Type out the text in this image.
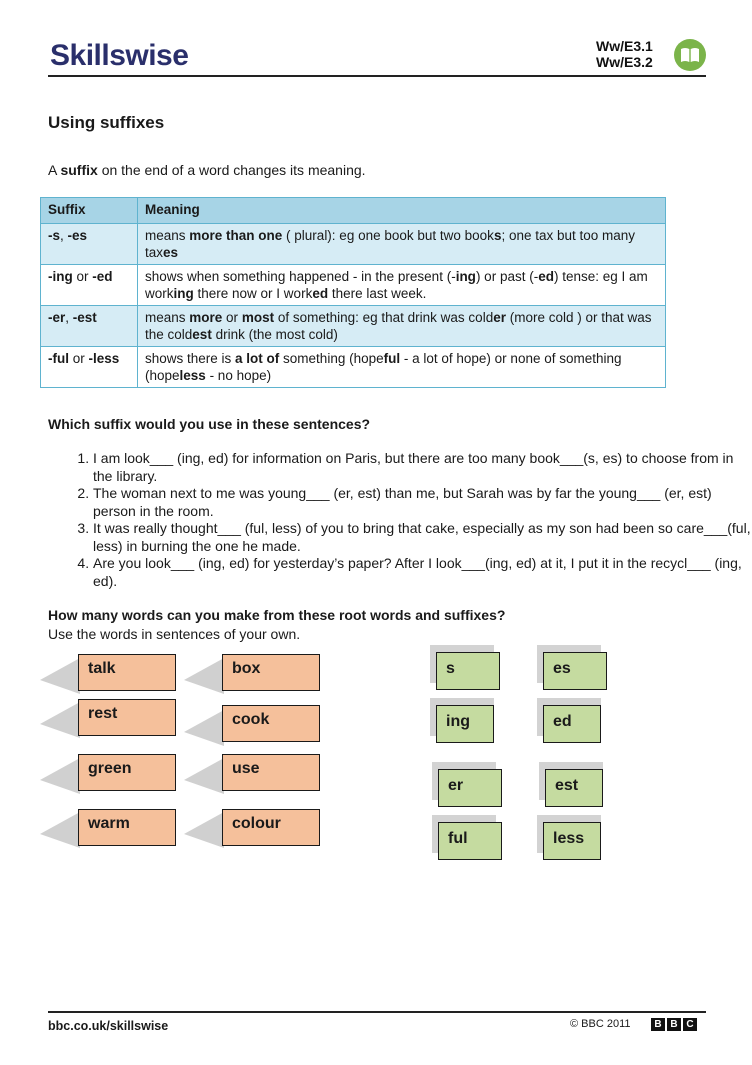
Skillswise	Ww/E3.1
Ww/E3.2
Using suffixes
A suffix on the end of a word changes its meaning.
Suffix	Meaning
-s, -es	means more than one ( plural): eg one book but two books; one tax but too many taxes
-ing or -ed	shows when something happened - in the present (-ing) or past (-ed) tense: eg I am working there now or I worked there last week.
-er, -est	means more or most of something: eg that drink was colder (more cold ) or that was the coldest drink (the most cold)
-ful or -less	shows there is a lot of something (hopeful - a lot of hope) or none of something (hopeless - no hope)
Which suffix would you use in these sentences?
1. I am look___ (ing, ed) for information on Paris, but there are too many book___(s, es) to choose from in the library.
2. The woman next to me was young___ (er, est) than me, but Sarah was by far the young___ (er, est) person in the room.
3. It was really thought___ (ful, less) of you to bring that cake, especially as my son had been so care___(ful, less) in burning the one he made.
4. Are you look___ (ing, ed) for yesterday’s paper? After I look___(ing, ed) at it, I put it in the recycl___ (ing, ed).
How many words can you make from these root words and suffixes?
Use the words in sentences of your own.
talk
rest
green
warm
box
cook
use
colour
s	es
ing	ed
er	est
ful	less
bbc.co.uk/skillswise	© BBC 2011	B B C
